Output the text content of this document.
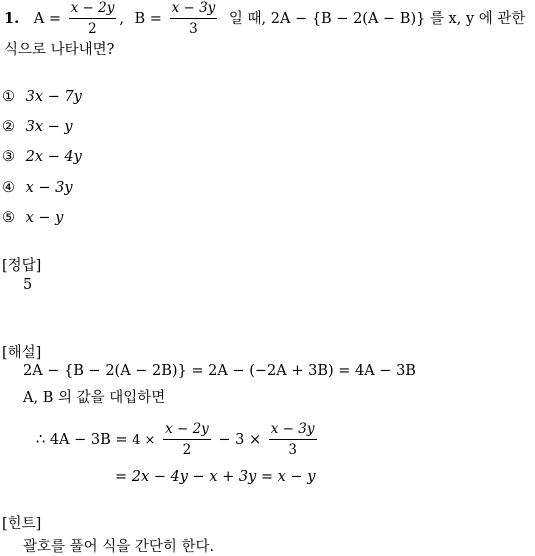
1. $A = \frac{x - 2y}{2}$ , $B = \frac{x - 3y}{3}$ 일 때, 2A − {B − 2(A − B)} 를 x, y 에 관한
식으로 나타내면?
① 3x − 7y
② 3x − y
③ 2x − 4y
④ x − 3y
⑤ x − y
[정답]
5
[해설]
2A − {B − 2(A − 2B)} = 2A − (−2A + 3B) = 4A − 3B
A, B 의 값을 대입하면
∴ $4A - 3B = 4 \times \frac{x - 2y}{2} - 3 \times \frac{x - 3y}{3}$
= 2x − 4y − x + 3y = x − y
[힌트]
괄호를 풀어 식을 간단히 한다.
